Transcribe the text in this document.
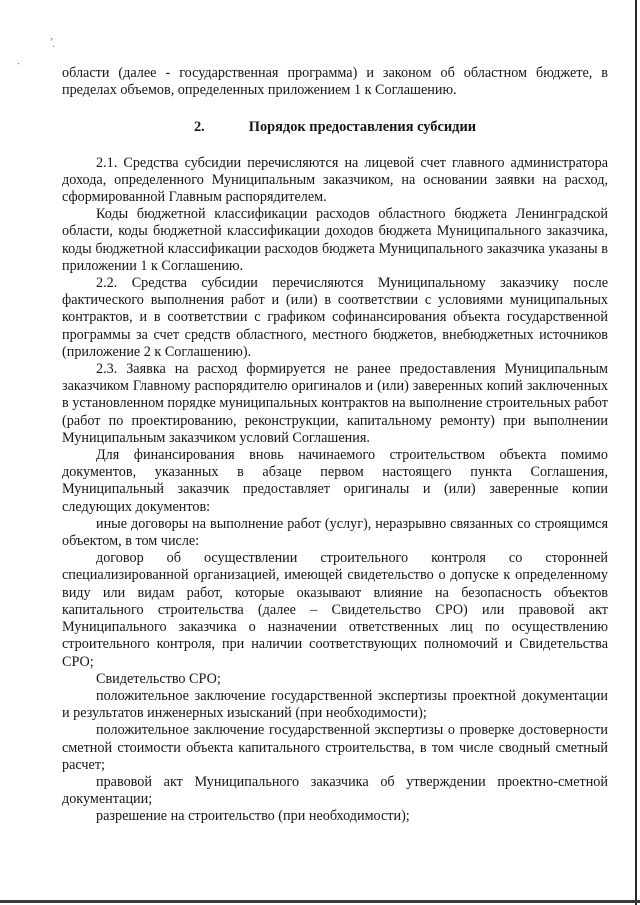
ʼ̣
ˎ

области (далее - государственная программа) и законом об областном бюджете, в пределах объемов, определенных приложением 1 к Соглашению.

2.	Порядок предоставления субсидии

2.1. Средства субсидии перечисляются на лицевой счет главного администратора дохода, определенного Муниципальным заказчиком, на основании заявки на расход, сформированной Главным распорядителем.

Коды бюджетной классификации расходов областного бюджета Ленинградской области, коды бюджетной классификации доходов бюджета Муниципального заказчика, коды бюджетной классификации расходов бюджета Муниципального заказчика указаны в приложении 1 к Соглашению.

2.2. Средства субсидии перечисляются Муниципальному заказчику после фактического выполнения работ и (или) в соответствии с условиями муниципальных контрактов, и в соответствии с графиком софинансирования объекта государственной программы за счет средств областного, местного бюджетов, внебюджетных источников (приложение 2 к Соглашению).

2.3. Заявка на расход формируется не ранее предоставления Муниципальным заказчиком Главному распорядителю оригиналов и (или) заверенных копий заключенных в установленном порядке муниципальных контрактов на выполнение строительных работ (работ по проектированию, реконструкции, капитальному ремонту) при выполнении Муниципальным заказчиком условий Соглашения.

Для финансирования вновь начинаемого строительством объекта помимо документов, указанных в абзаце первом настоящего пункта Соглашения, Муниципальный заказчик предоставляет оригиналы и (или) заверенные копии следующих документов:

иные договоры на выполнение работ (услуг), неразрывно связанных со строящимся объектом, в том числе:

договор об осуществлении строительного контроля со сторонней специализированной организацией, имеющей свидетельство о допуске к определенному виду или видам работ, которые оказывают влияние на безопасность объектов капитального строительства (далее – Свидетельство СРО) или правовой акт Муниципального заказчика о назначении ответственных лиц по осуществлению строительного контроля, при наличии соответствующих полномочий и Свидетельства СРО;

Свидетельство СРО;

положительное заключение государственной экспертизы проектной документации и результатов инженерных изысканий (при необходимости);

положительное заключение государственной экспертизы о проверке достоверности сметной стоимости объекта капитального строительства, в том числе сводный сметный расчет;

правовой акт Муниципального заказчика об утверждении проектно-сметной документации;

разрешение на строительство (при необходимости);
